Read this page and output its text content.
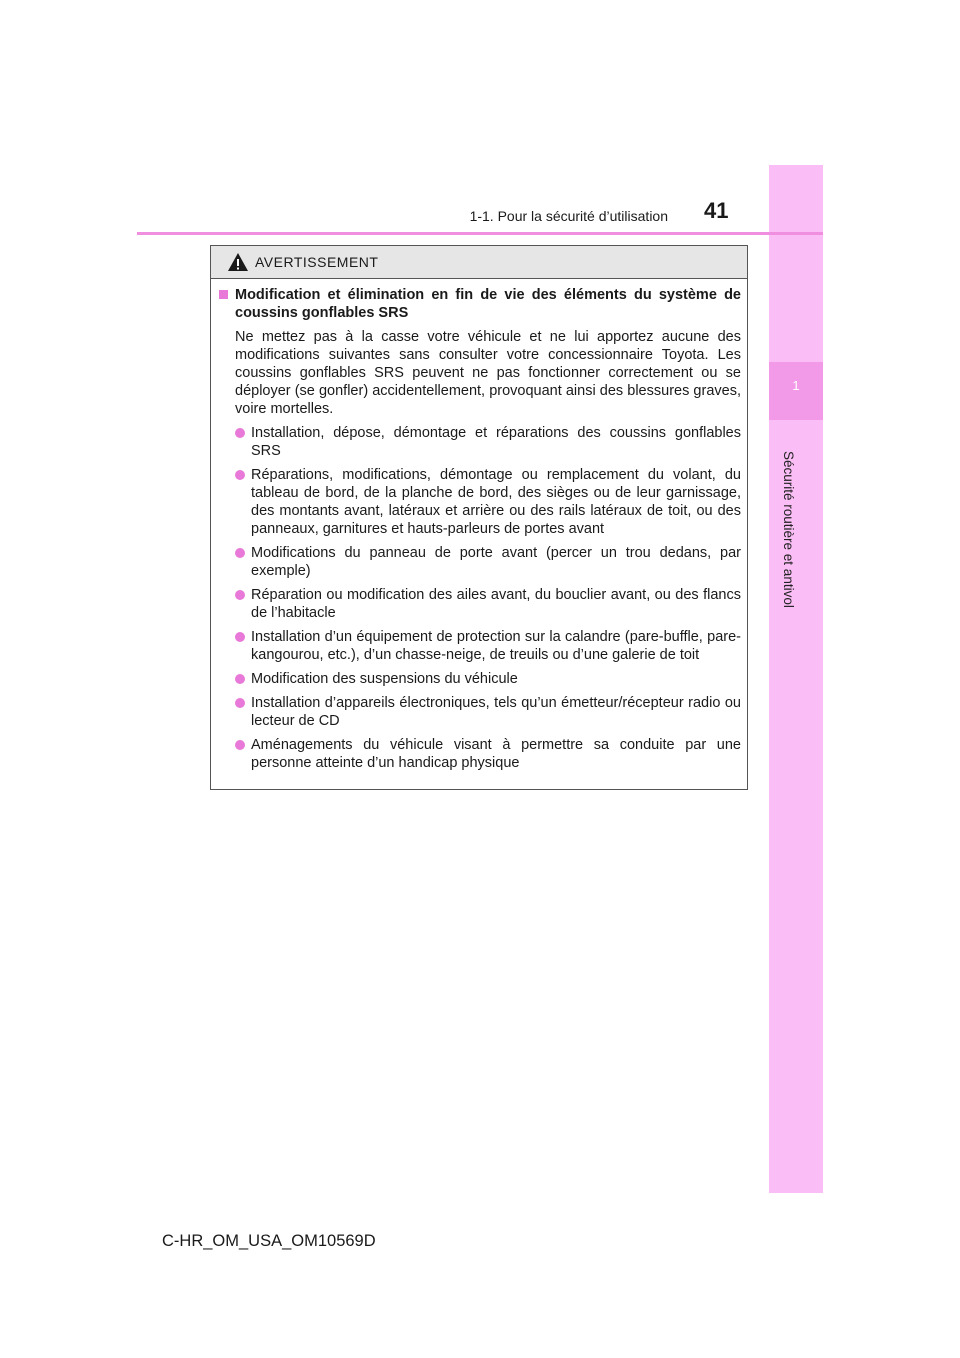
1
Sécurité routière et antivol
1-1. Pour la sécurité d’utilisation 41
AVERTISSEMENT
Modification et élimination en fin de vie des éléments du système de coussins gonflables SRS

Ne mettez pas à la casse votre véhicule et ne lui apportez aucune des modifications suivantes sans consulter votre concessionnaire Toyota. Les coussins gonflables SRS peuvent ne pas fonctionner correctement ou se déployer (se gonfler) accidentellement, provoquant ainsi des blessures graves, voire mortelles.

Installation, dépose, démontage et réparations des coussins gonflables SRS
Réparations, modifications, démontage ou remplacement du volant, du tableau de bord, de la planche de bord, des sièges ou de leur garnissage, des montants avant, latéraux et arrière ou des rails latéraux de toit, ou des panneaux, garnitures et hauts-parleurs de portes avant
Modifications du panneau de porte avant (percer un trou dedans, par exemple)
Réparation ou modification des ailes avant, du bouclier avant, ou des flancs de l’habitacle
Installation d’un équipement de protection sur la calandre (pare-buffle, pare-kangourou, etc.), d’un chasse-neige, de treuils ou d’une galerie de toit
Modification des suspensions du véhicule
Installation d’appareils électroniques, tels qu’un émetteur/récepteur radio ou lecteur de CD
Aménagements du véhicule visant à permettre sa conduite par une personne atteinte d’un handicap physique
C-HR_OM_USA_OM10569D
